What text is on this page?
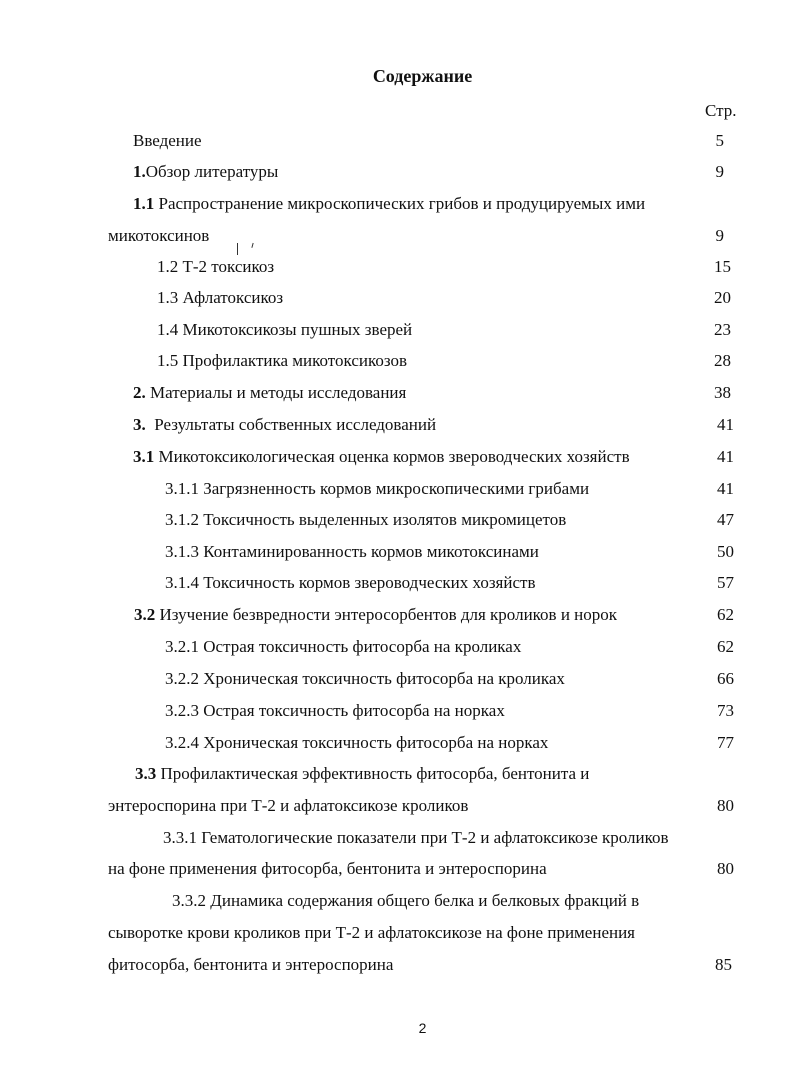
Содержание
Стр.
Введение	5
1.Обзор литературы	9
1.1 Распространение микроскопических грибов и продуцируемых ими
микотоксинов	9
1.2 Т-2 токсикоз	15
1.3 Афлатоксикоз	20
1.4 Микотоксикозы пушных зверей	23
1.5 Профилактика микотоксикозов	28
2. Материалы и методы исследования	38
3.  Результаты собственных исследований	41
3.1 Микотоксикологическая оценка кормов звероводческих хозяйств	41
3.1.1 Загрязненность кормов микроскопическими грибами	41
3.1.2 Токсичность выделенных изолятов микромицетов	47
3.1.3 Контаминированность кормов микотоксинами	50
3.1.4 Токсичность кормов звероводческих хозяйств	57
3.2 Изучение безвредности энтеросорбентов для кроликов и норок	62
3.2.1 Острая токсичность фитосорба на кроликах	62
3.2.2 Хроническая токсичность фитосорба на кроликах	66
3.2.3 Острая токсичность фитосорба на норках	73
3.2.4 Хроническая токсичность фитосорба на норках	77
3.3 Профилактическая эффективность фитосорба, бентонита и
энтероспорина при Т-2 и афлатоксикозе кроликов	80
3.3.1 Гематологические показатели при Т-2 и афлатоксикозе кроликов
на фоне применения фитосорба, бентонита и энтероспорина	80
3.3.2 Динамика содержания общего белка и белковых фракций в
сыворотке крови кроликов при Т-2 и афлатоксикозе на фоне применения
фитосорба, бентонита и энтероспорина	85
2
